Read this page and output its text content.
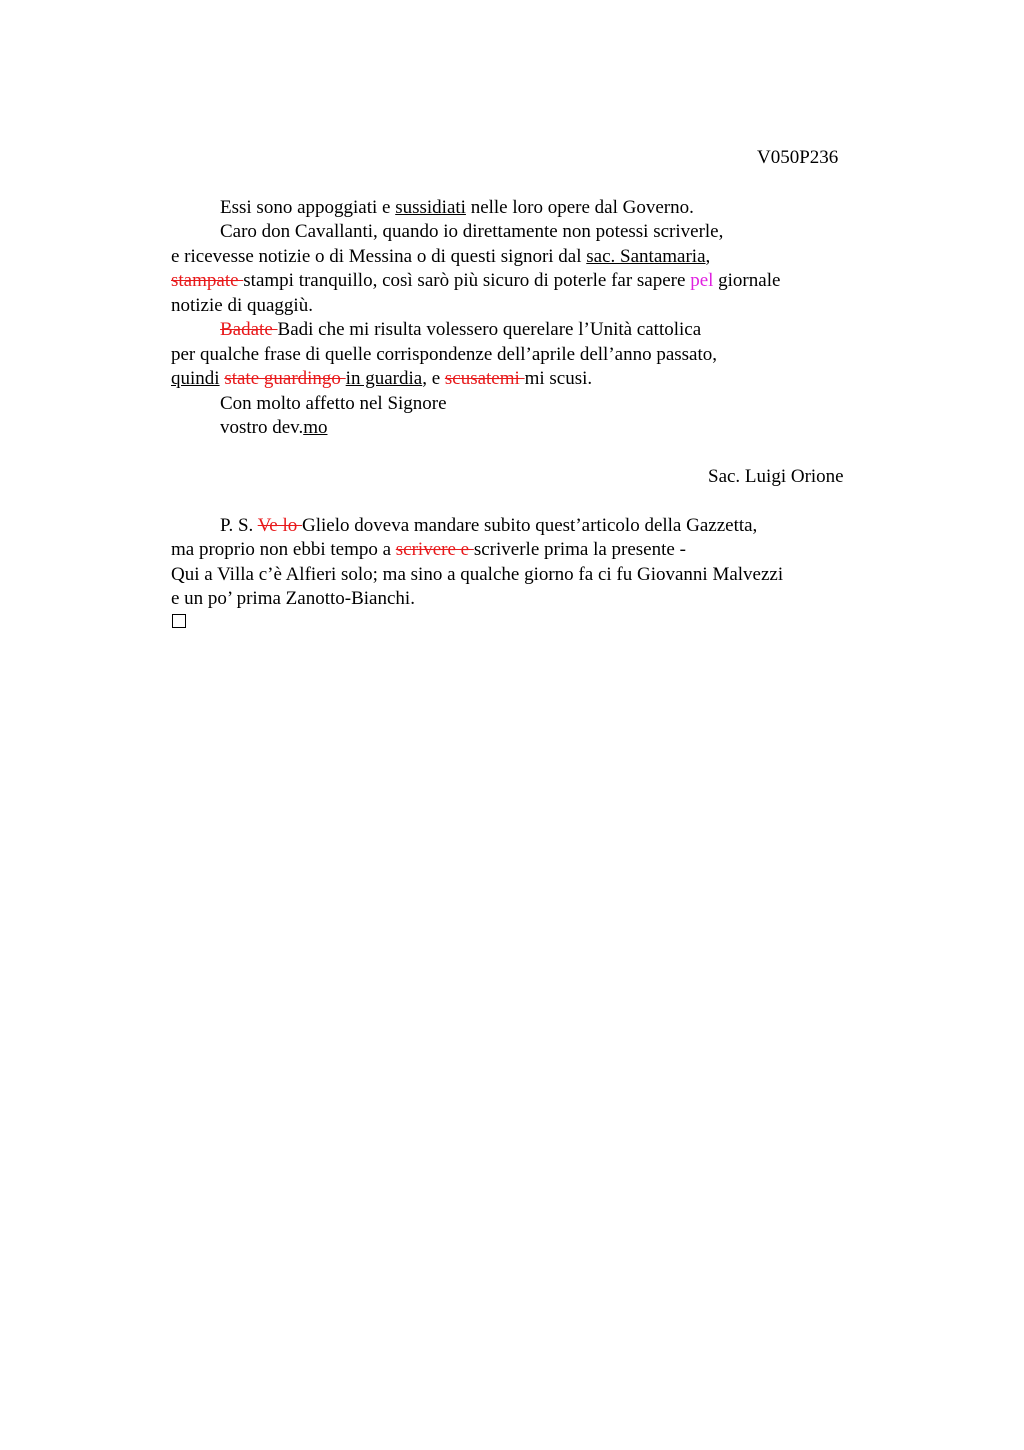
V050P236
Essi sono appoggiati e sussidiati nelle loro opere dal Governo.
Caro don Cavallanti, quando io direttamente non potessi scriverle,
e ricevesse notizie o di Messina o di questi signori dal sac. Santamaria,
stampate stampi tranquillo, così sarò più sicuro di poterle far sapere pel giornale
notizie di quaggiù.
Badate Badi che mi risulta volessero querelare l’Unità cattolica
per qualche frase di quelle corrispondenze dell’aprile dell’anno passato,
quindi state guardingo in guardia, e scusatemi mi scusi.
Con molto affetto nel Signore
vostro dev.mo
Sac. Luigi Orione
P. S. Ve lo Glielo doveva mandare subito quest’articolo della Gazzetta,
ma proprio non ebbi tempo a scrivere e scriverle prima la presente -
Qui a Villa c’è Alfieri solo; ma sino a qualche giorno fa ci fu Giovanni Malvezzi
e un po’ prima Zanotto-Bianchi.
